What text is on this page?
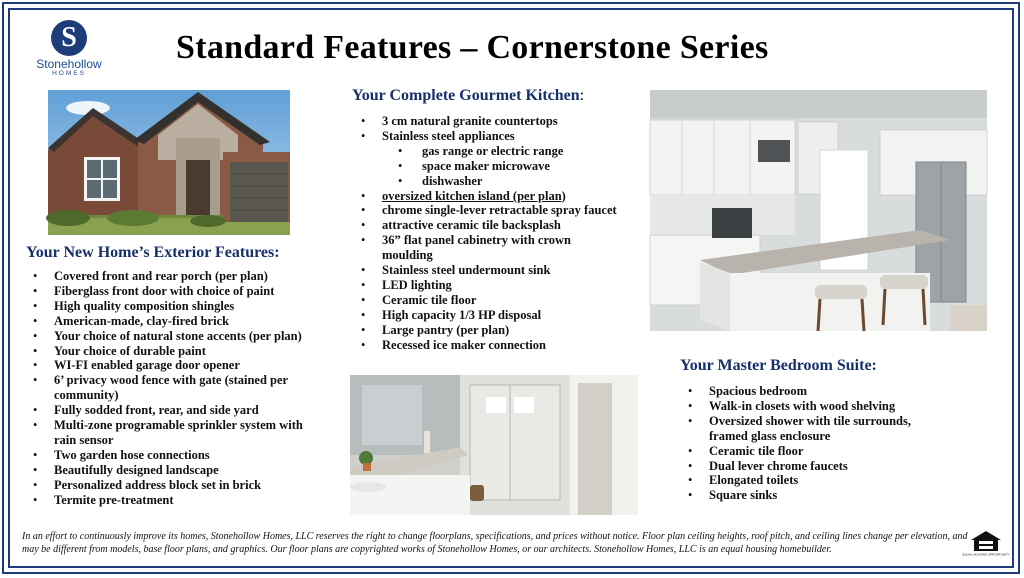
S
Stonehollow
HOMES
Standard Features – Cornerstone Series
Your New Home’s Exterior Features:
• Covered front and rear porch (per plan)
• Fiberglass front door with choice of paint
• High quality composition shingles
• American-made, clay-fired brick
• Your choice of natural stone accents (per plan)
• Your choice of durable paint
• WI-FI enabled garage door opener
• 6’ privacy wood fence with gate (stained per community)
• Fully sodded front, rear, and side yard
• Multi-zone programable sprinkler system with rain sensor
• Two garden hose connections
• Beautifully designed landscape
• Personalized address block set in brick
• Termite pre-treatment
Your Complete Gourmet Kitchen:
• 3 cm natural granite countertops
• Stainless steel appliances
• gas range or electric range
• space maker microwave
• dishwasher
• oversized kitchen island (per plan)
• chrome single-lever retractable spray faucet
• attractive ceramic tile backsplash
• 36” flat panel cabinetry with crown moulding
• Stainless steel undermount sink
• LED lighting
• Ceramic tile floor
• High capacity 1/3 HP disposal
• Large pantry (per plan)
• Recessed ice maker connection
Your Master Bedroom Suite:
• Spacious bedroom
• Walk-in closets with wood shelving
• Oversized shower with tile surrounds, framed glass enclosure
• Ceramic tile floor
• Dual lever chrome faucets
• Elongated toilets
• Square sinks
In an effort to continuously improve its homes, Stonehollow Homes, LLC reserves the right to change floorplans, specifications, and prices without notice. Floor plan ceiling heights, roof pitch, and ceiling lines change per elevation, and may be different from models, base floor plans, and graphics. Our floor plans are copyrighted works of Stonehollow Homes, or our architects. Stonehollow Homes, LLC is an equal housing homebuilder.	EQUAL HOUSING OPPORTUNITY
